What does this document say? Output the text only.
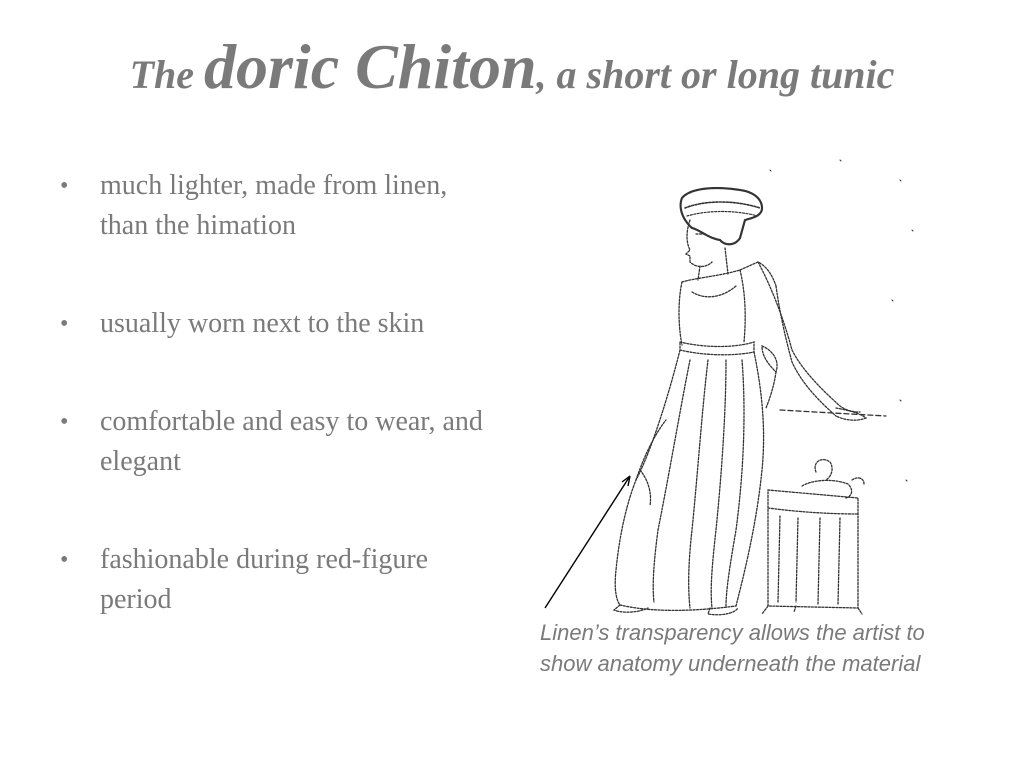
The doric Chiton, a short or long tunic
• much lighter, made from linen, than the himation
• usually worn next to the skin
• comfortable and easy to wear, and elegant
• fashionable during red-figure period
Linen’s transparency allows the artist to show anatomy underneath the material
